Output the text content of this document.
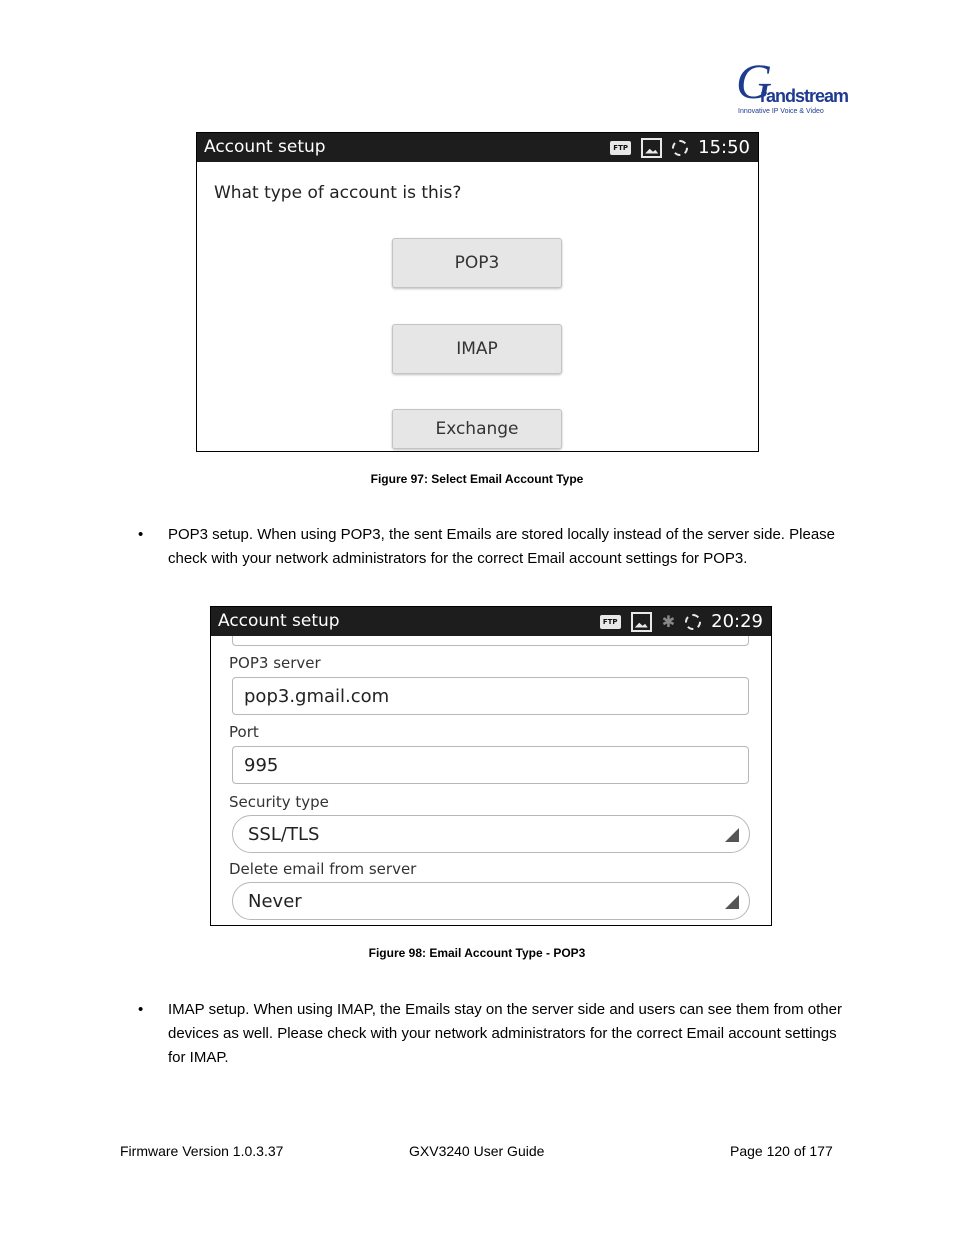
G
randstream
Innovative IP Voice & Video
Account setup	FTP	15:50
What type of account is this?
POP3
IMAP
Exchange
Figure 97: Select Email Account Type
• POP3 setup. When using POP3, the sent Emails are stored locally instead of the server side. Please check with your network administrators for the correct Email account settings for POP3.
Account setup	FTP	✱ 20:29
POP3 server
pop3.gmail.com
Port
995
Security type
SSL/TLS
Delete email from server
Never
Figure 98: Email Account Type - POP3
• IMAP setup. When using IMAP, the Emails stay on the server side and users can see them from other devices as well. Please check with your network administrators for the correct Email account settings for IMAP.
Firmware Version 1.0.3.37	GXV3240 User Guide	Page 120 of 177
